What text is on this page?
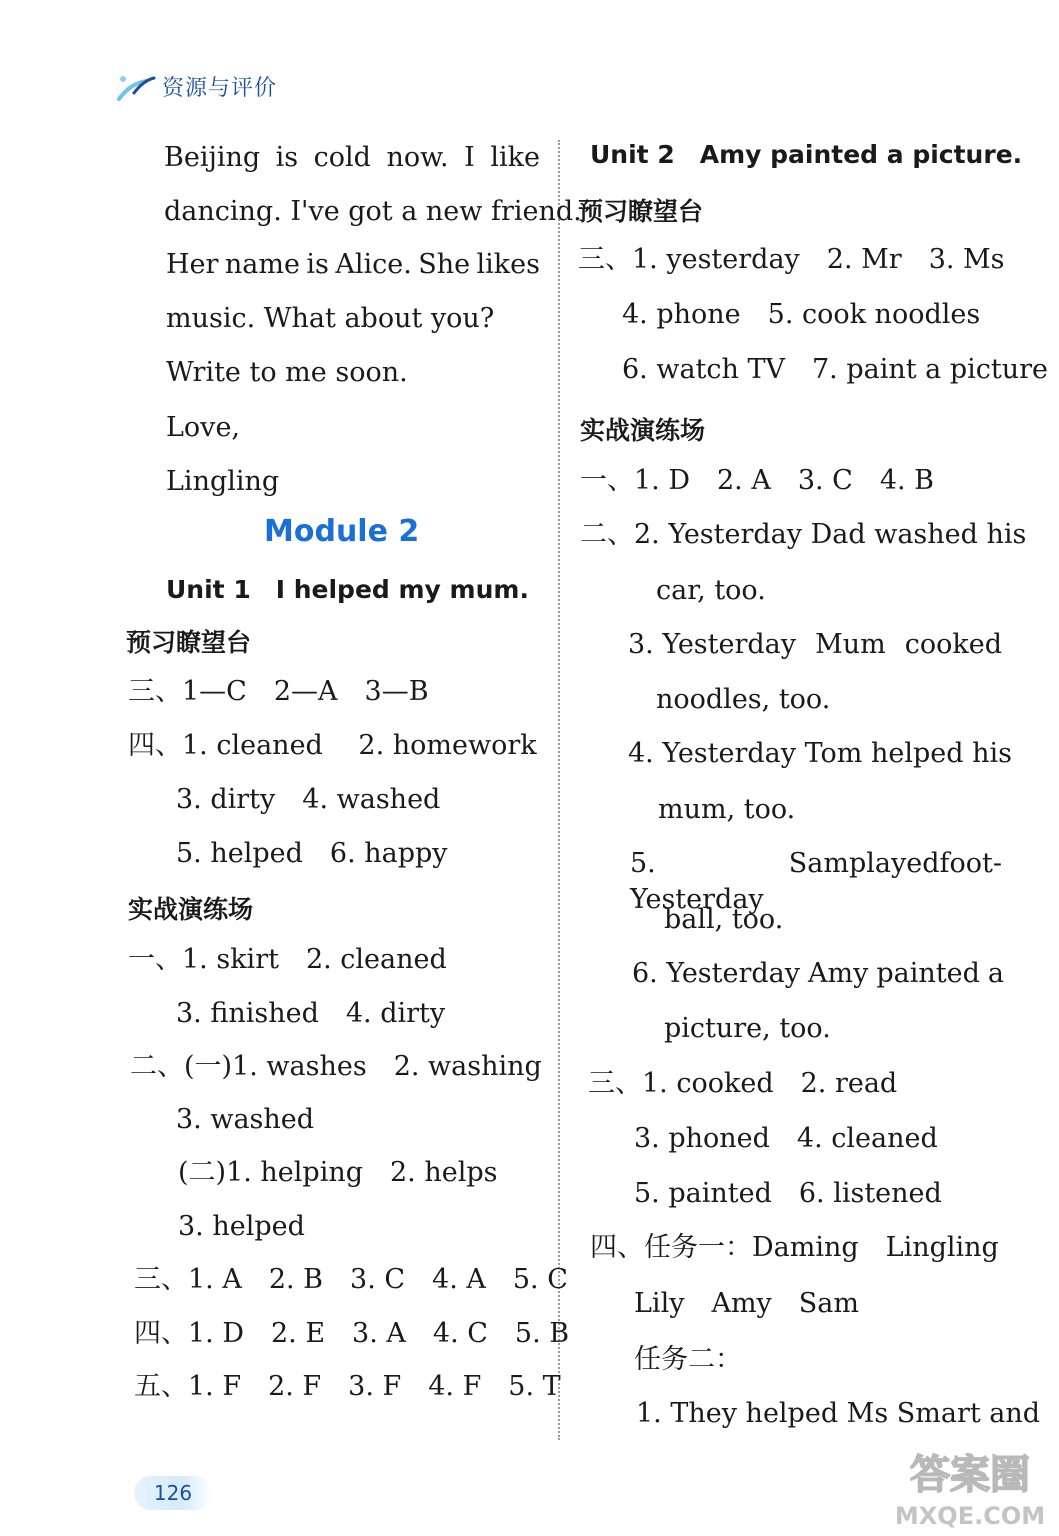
资源与评价
Beijing is cold now. I like
dancing. I've got a new friend.
Her name is Alice. She likes
music. What about you?
Write to me soon.
Love,
Lingling
Module 2
Unit 1　I helped my mum.
预习瞭望台
三、1—C　2—A　3—B
四、1. cleaned　 2. homework
3. dirty　4. washed
5. helped　6. happy
实战演练场
一、1. skirt　2. cleaned
3. finished　4. dirty
二、(一)1. washes　2. washing
3. washed
(二)1. helping　2. helps
3. helped
三、1. A　2. B　3. C　4. A　5. C
四、1. D　2. E　3. A　4. C　5. B
五、1. F　2. F　3. F　4. F　5. T
Unit 2　Amy painted a picture.
预习瞭望台
三、1. yesterday　2. Mr　3. Ms
4. phone　5. cook noodles
6. watch TV　7. paint a picture
实战演练场
一、1. D　2. A　3. C　4. B
二、2. Yesterday Dad washed his
car, too.
3. Yesterday Mum cooked
noodles, too.
4. Yesterday Tom helped his
mum, too.
5. Yesterday
Sam played foot-
ball, too.
6. Yesterday Amy painted a
picture, too.
三、1. cooked　2. read
3. phoned　4. cleaned
5. painted　6. listened
四、任务一：Daming　Lingling
Lily　Amy　Sam
任务二：
1. They helped Ms Smart and
126	答案圈
MXQE.COM
